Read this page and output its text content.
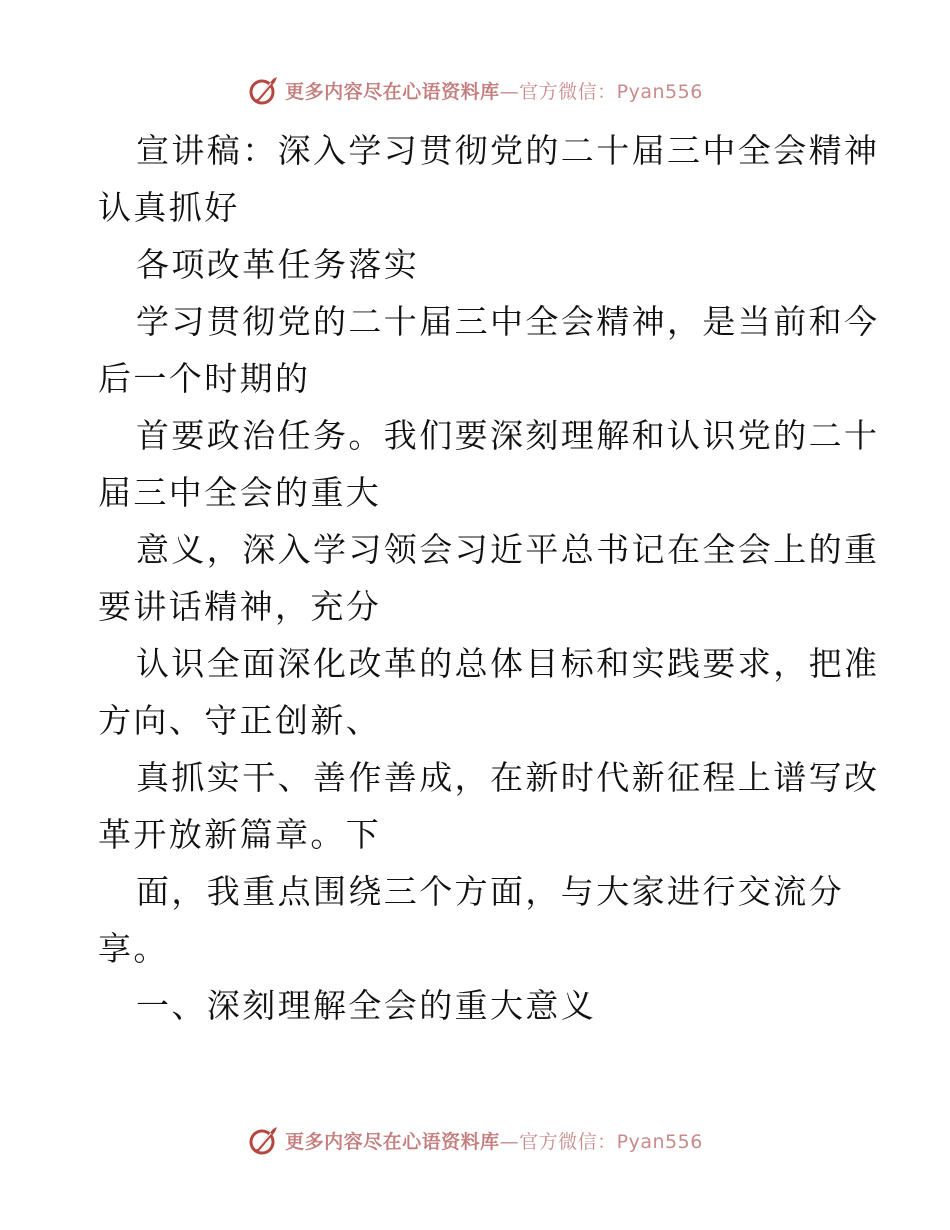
更多内容尽在心语资料库—官方微信：Pyan556
宣讲稿：深入学习贯彻党的二十届三中全会精神
认真抓好
各项改革任务落实
学习贯彻党的二十届三中全会精神，是当前和今
后一个时期的
首要政治任务。我们要深刻理解和认识党的二十
届三中全会的重大
意义，深入学习领会习近平总书记在全会上的重
要讲话精神，充分
认识全面深化改革的总体目标和实践要求，把准
方向、守正创新、
真抓实干、善作善成，在新时代新征程上谱写改
革开放新篇章。下
面，我重点围绕三个方面，与大家进行交流分
享。
一、深刻理解全会的重大意义
更多内容尽在心语资料库—官方微信：Pyan556
